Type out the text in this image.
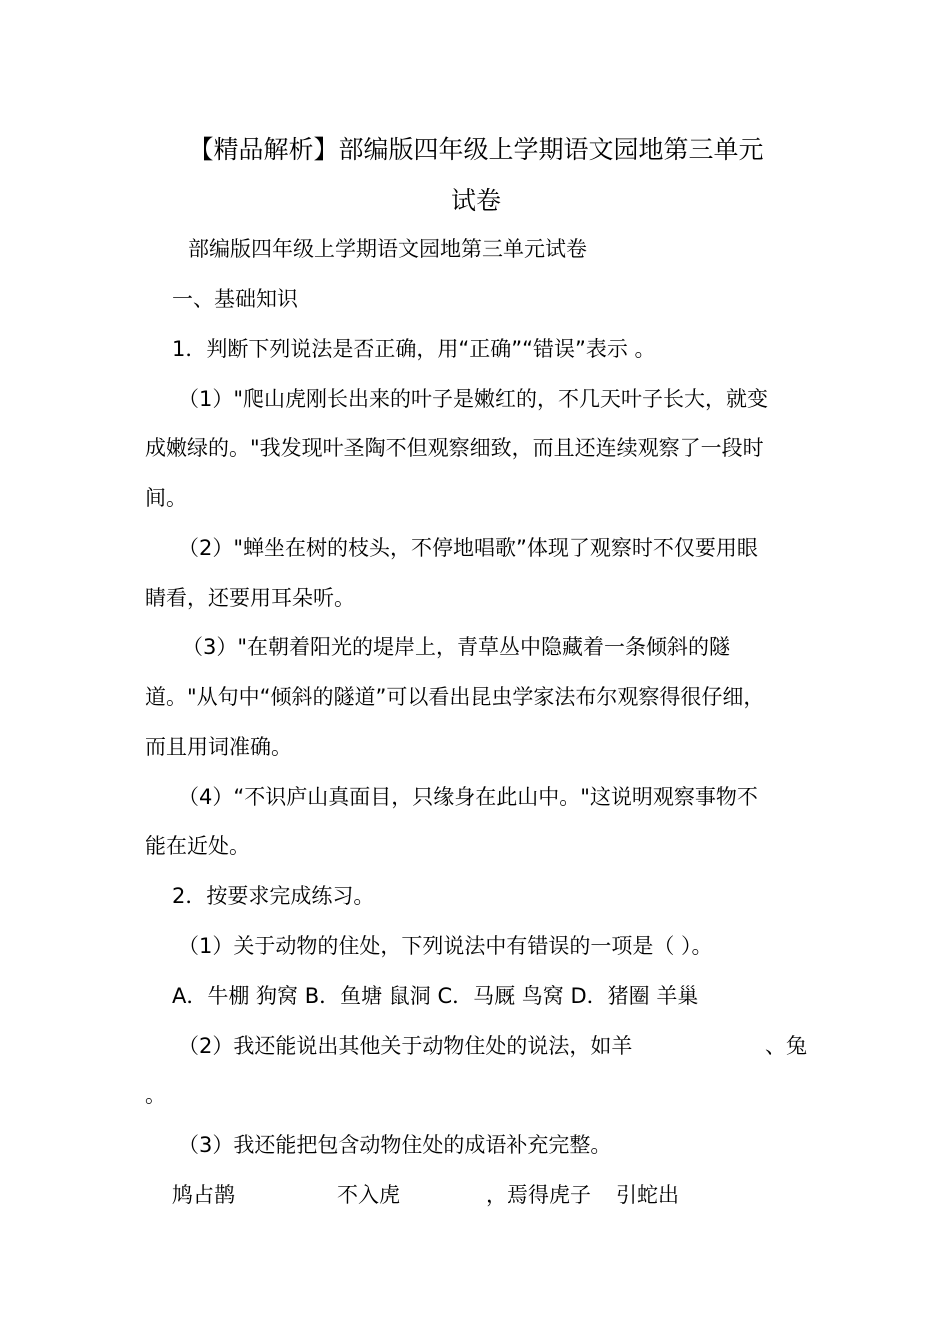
【精品解析】部编版四年级上学期语文园地第三单元
试卷
部编版四年级上学期语文园地第三单元试卷
一、基础知识
1．判断下列说法是否正确，用“正确”“错误”表示 。
（1）"爬山虎刚长出来的叶子是嫩红的，不几天叶子长大，就变
成嫩绿的。"我发现叶圣陶不但观察细致，而且还连续观察了一段时
间。
（2）"蝉坐在树的枝头，不停地唱歌”体现了观察时不仅要用眼
睛看，还要用耳朵听。
（3）"在朝着阳光的堤岸上，青草丛中隐藏着一条倾斜的隧
道。"从句中“倾斜的隧道”可以看出昆虫学家法布尔观察得很仔细，
而且用词准确。
（4）“不识庐山真面目，只缘身在此山中。"这说明观察事物不
能在近处。
2．按要求完成练习。
（1）关于动物的住处，下列说法中有错误的一项是（ ）。
A．牛棚 狗窝 B．鱼塘 鼠洞 C．马厩 鸟窝 D．猪圈 羊巢
（2）我还能说出其他关于动物住处的说法，如羊	、兔
。
（3）我还能把包含动物住处的成语补充完整。
鸠占鹊	不入虎	，焉得虎子 引蛇出
